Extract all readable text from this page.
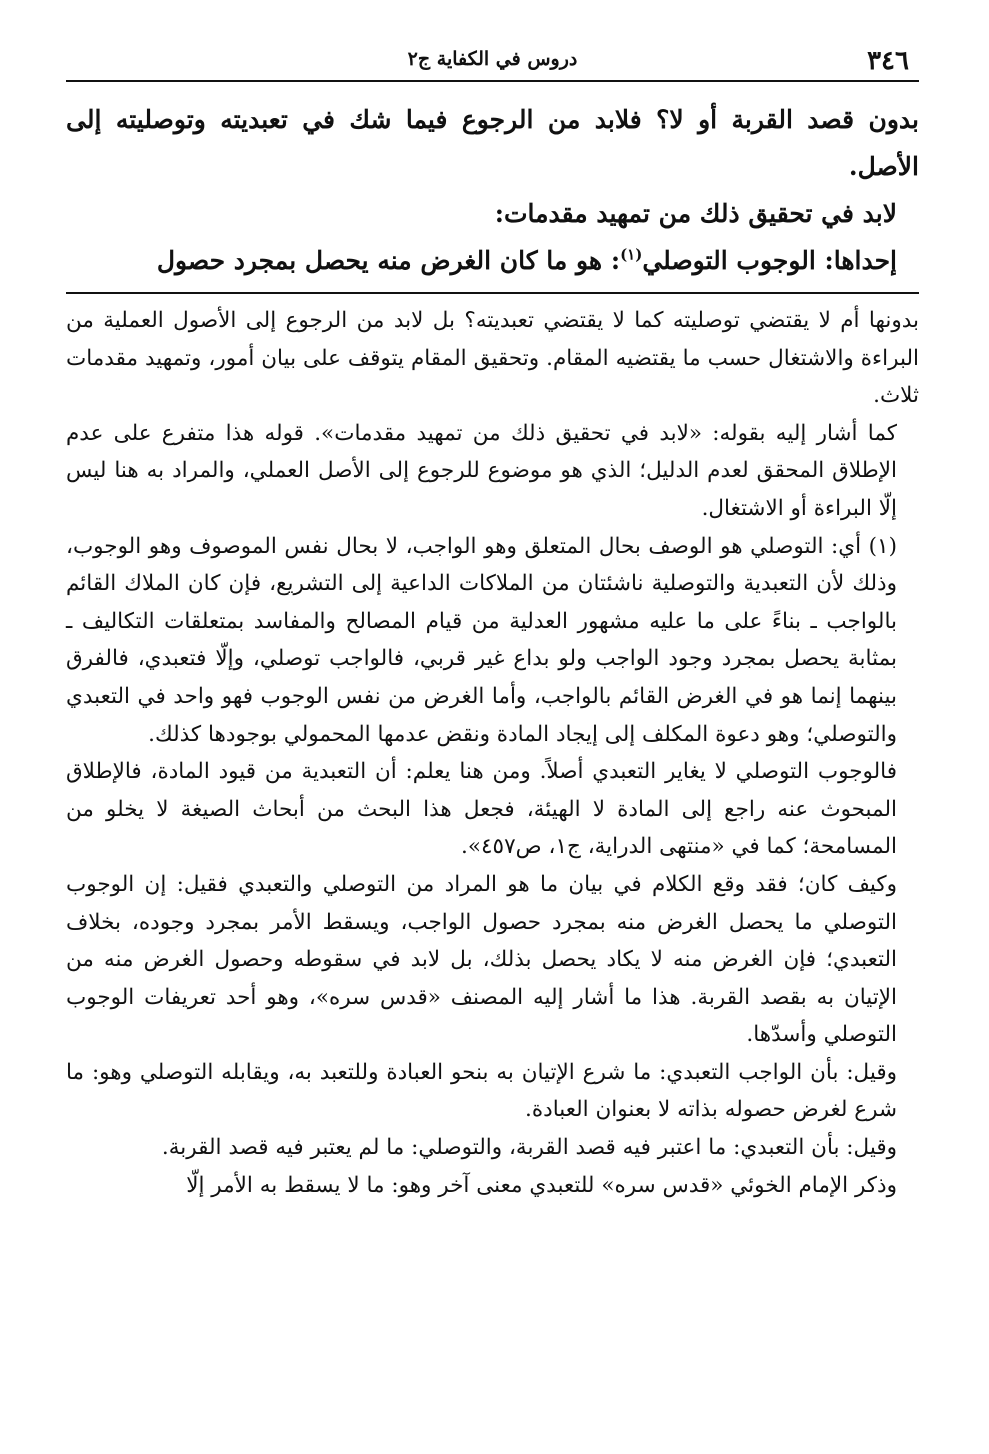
٣٤٦
دروس في الكفاية ج٢

بدون قصد القربة أو لا؟ فلابد من الرجوع فيما شك في تعبديته وتوصليته إلى الأصل.

لابد في تحقيق ذلك من تمهيد مقدمات:

إحداها: الوجوب التوصلي$^{(١)}$: هو ما كان الغرض منه يحصل بمجرد حصول

بدونها أم لا يقتضي توصليته كما لا يقتضي تعبديته؟ بل لابد من الرجوع إلى الأصول العملية من البراءة والاشتغال حسب ما يقتضيه المقام. وتحقيق المقام يتوقف على بيان أمور، وتمهيد مقدمات ثلاث.

كما أشار إليه بقوله: «لابد في تحقيق ذلك من تمهيد مقدمات». قوله هذا متفرع على عدم الإطلاق المحقق لعدم الدليل؛ الذي هو موضوع للرجوع إلى الأصل العملي، والمراد به هنا ليس إلّا البراءة أو الاشتغال.

(١) أي: التوصلي هو الوصف بحال المتعلق وهو الواجب، لا بحال نفس الموصوف وهو الوجوب، وذلك لأن التعبدية والتوصلية ناشئتان من الملاكات الداعية إلى التشريع، فإن كان الملاك القائم بالواجب ـ بناءً على ما عليه مشهور العدلية من قيام المصالح والمفاسد بمتعلقات التكاليف ـ بمثابة يحصل بمجرد وجود الواجب ولو بداع غير قربي، فالواجب توصلي، وإلّا فتعبدي، فالفرق بينهما إنما هو في الغرض القائم بالواجب، وأما الغرض من نفس الوجوب فهو واحد في التعبدي والتوصلي؛ وهو دعوة المكلف إلى إيجاد المادة ونقض عدمها المحمولي بوجودها كذلك.

فالوجوب التوصلي لا يغاير التعبدي أصلاً. ومن هنا يعلم: أن التعبدية من قيود المادة، فالإطلاق المبحوث عنه راجع إلى المادة لا الهيئة، فجعل هذا البحث من أبحاث الصيغة لا يخلو من المسامحة؛ كما في «منتهى الدراية، ج١، ص٤٥٧».

وكيف كان؛ فقد وقع الكلام في بيان ما هو المراد من التوصلي والتعبدي فقيل: إن الوجوب التوصلي ما يحصل الغرض منه بمجرد حصول الواجب، ويسقط الأمر بمجرد وجوده، بخلاف التعبدي؛ فإن الغرض منه لا يكاد يحصل بذلك، بل لابد في سقوطه وحصول الغرض منه من الإتيان به بقصد القربة. هذا ما أشار إليه المصنف «قدس سره»، وهو أحد تعريفات الوجوب التوصلي وأسدّها.

وقيل: بأن الواجب التعبدي: ما شرع الإتيان به بنحو العبادة وللتعبد به، ويقابله التوصلي وهو: ما شرع لغرض حصوله بذاته لا بعنوان العبادة.

وقيل: بأن التعبدي: ما اعتبر فيه قصد القربة، والتوصلي: ما لم يعتبر فيه قصد القربة.

وذكر الإمام الخوئي «قدس سره» للتعبدي معنى آخر وهو: ما لا يسقط به الأمر إلّا
